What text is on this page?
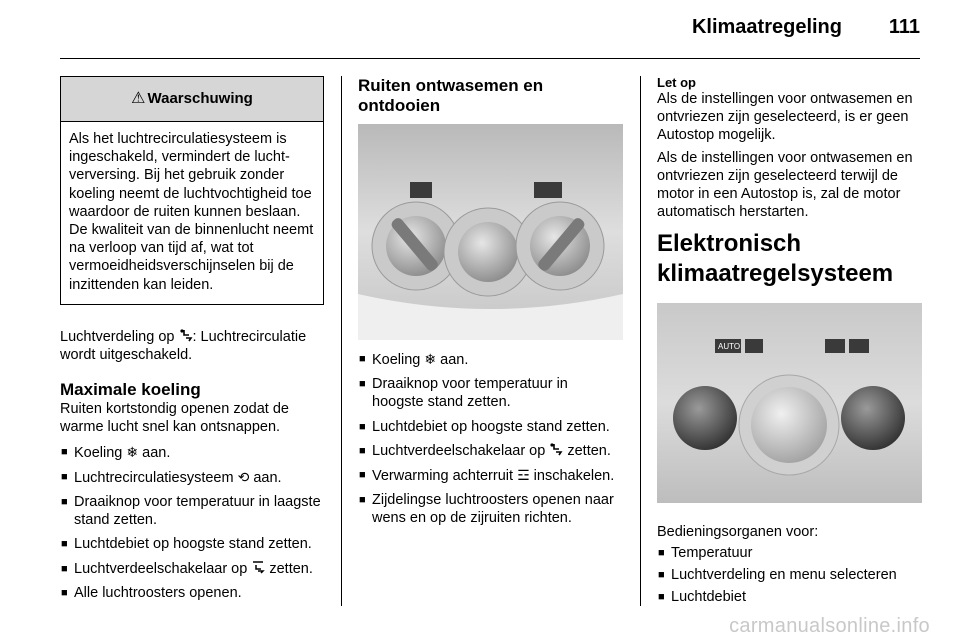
Klimaatregeling 111
⚠ Waarschuwing
Als het luchtrecirculatiesysteem is ingeschakeld, vermindert de luchtverversing. Bij het gebruik zonder koeling neemt de luchtvochtigheid toe waardoor de ruiten kunnen beslaan. De kwaliteit van de binnenlucht neemt na verloop van tijd af, wat tot vermoeidheidsverschijnselen bij de inzittenden kan leiden.

Luchtverdeling op : Luchtrecirculatie wordt uitgeschakeld.

Maximale koeling

Ruiten kortstondig openen zodat de warme lucht snel kan ontsnappen.

■ Koeling ❄ aan.
■ Luchtrecirculatiesysteem ⟲ aan.
■ Draaiknop voor temperatuur in laagste stand zetten.
■ Luchtdebiet op hoogste stand zetten.
■ Luchtverdeelschakelaar op  zetten.
■ Alle luchtroosters openen.
Ruiten ontwasemen en ontdooien
■ Koeling ❄ aan.
■ Draaiknop voor temperatuur in hoogste stand zetten.
■ Luchtdebiet op hoogste stand zetten.
■ Luchtverdeelschakelaar op  zetten.
■ Verwarming achterruit ☲ inschakelen.
■ Zijdelingse luchtroosters openen naar wens en op de zijruiten richten.
Let op

Als de instellingen voor ontwasemen en ontvriezen zijn geselecteerd, is er geen Autostop mogelijk.

Als de instellingen voor ontwasemen en ontvriezen zijn geselecteerd terwijl de motor in een Autostop is, zal de motor automatisch herstarten.

Elektronisch
klimaatregelsysteem
AUTO

Bedieningsorganen voor:

■ Temperatuur
■ Luchtverdeling en menu selecteren
■ Luchtdebiet
carmanualsonline.info
